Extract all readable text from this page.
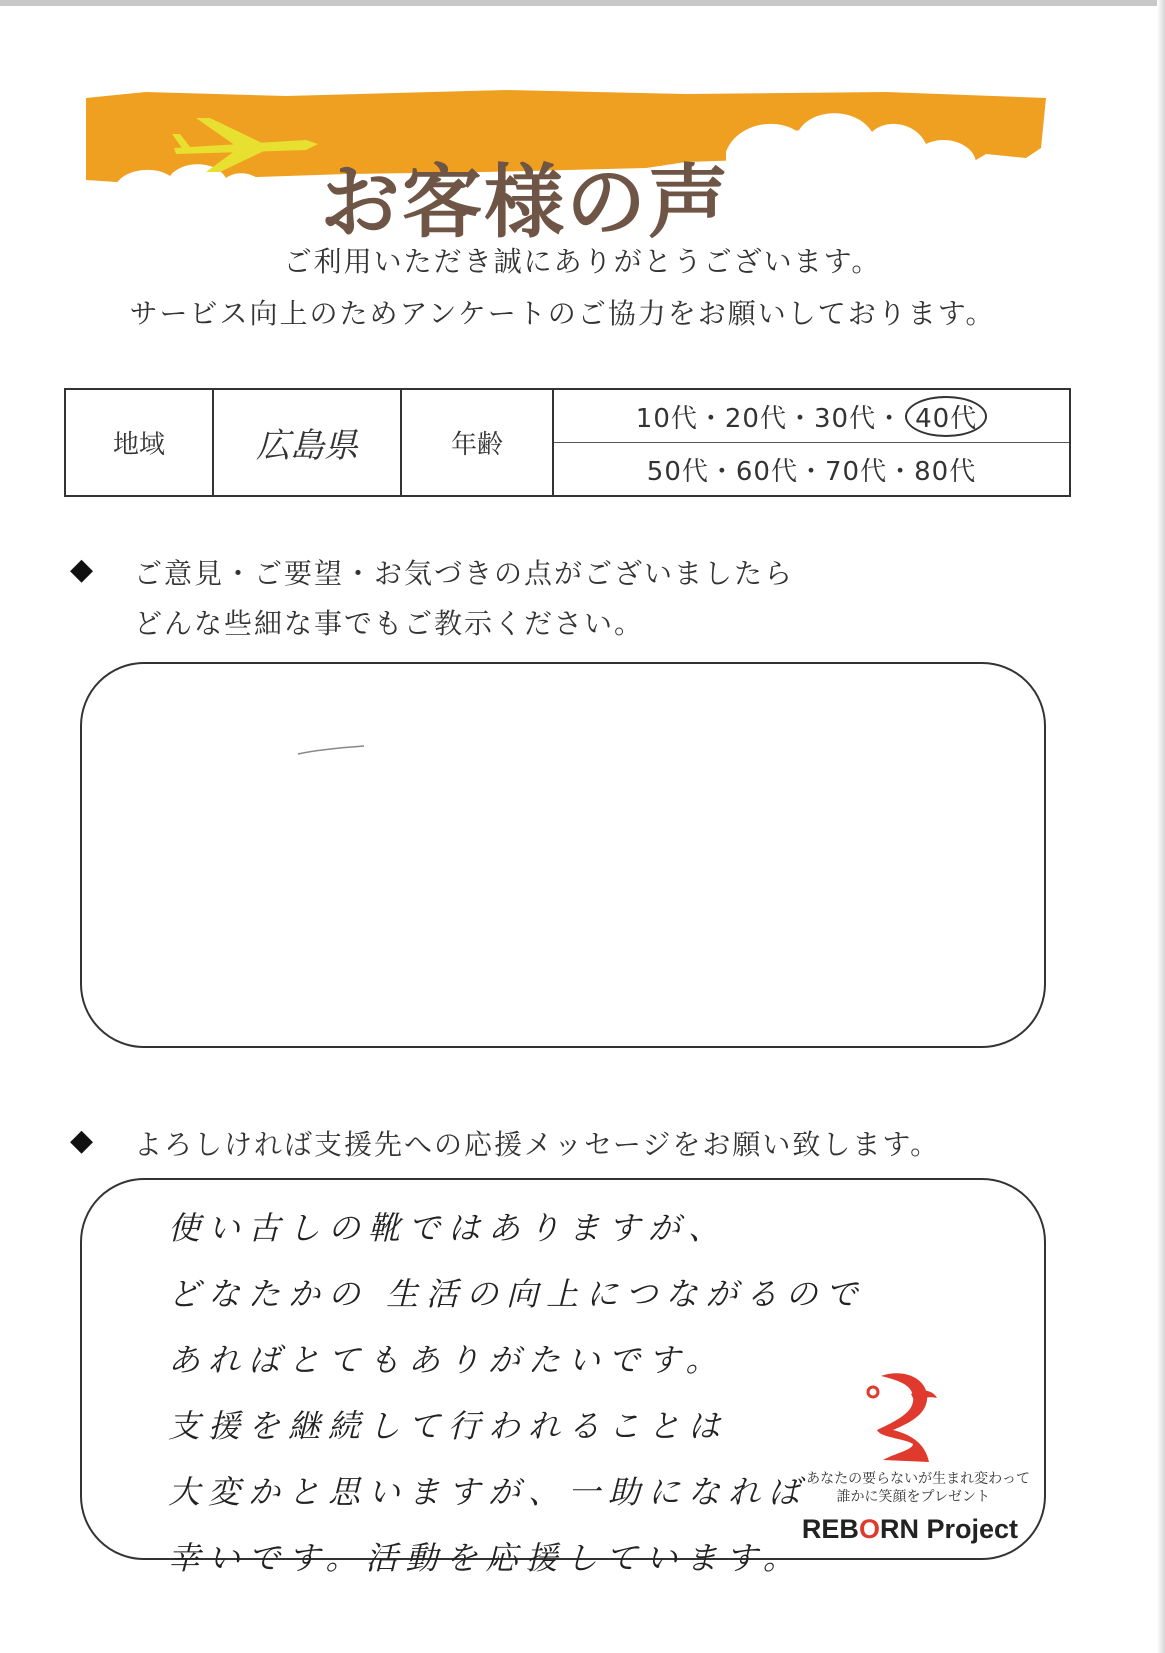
お客様の声
ご利用いただき誠にありがとうございます。
サービス向上のためアンケートのご協力をお願いしております。
地域	広島県	年齢	
10代 ・ 20代 ・ 30代 ・ 40代
50代 ・ 60代 ・ 70代 ・ 80代
◆	ご意見・ご要望・お気づきの点がございましたら
どんな些細な事でもご教示ください。
◆	よろしければ支援先への応援メッセージをお願い致します。
使い古しの靴ではありますが、
どなたかの 生活の向上につながるので
あればとてもありがたいです。
支援を継続して行われることは
大変かと思いますが、一助になれば
幸いです。活動を応援しています。
あなたの要らないが生まれ変わって
誰かに笑顔をプレゼント
REBORN Project
